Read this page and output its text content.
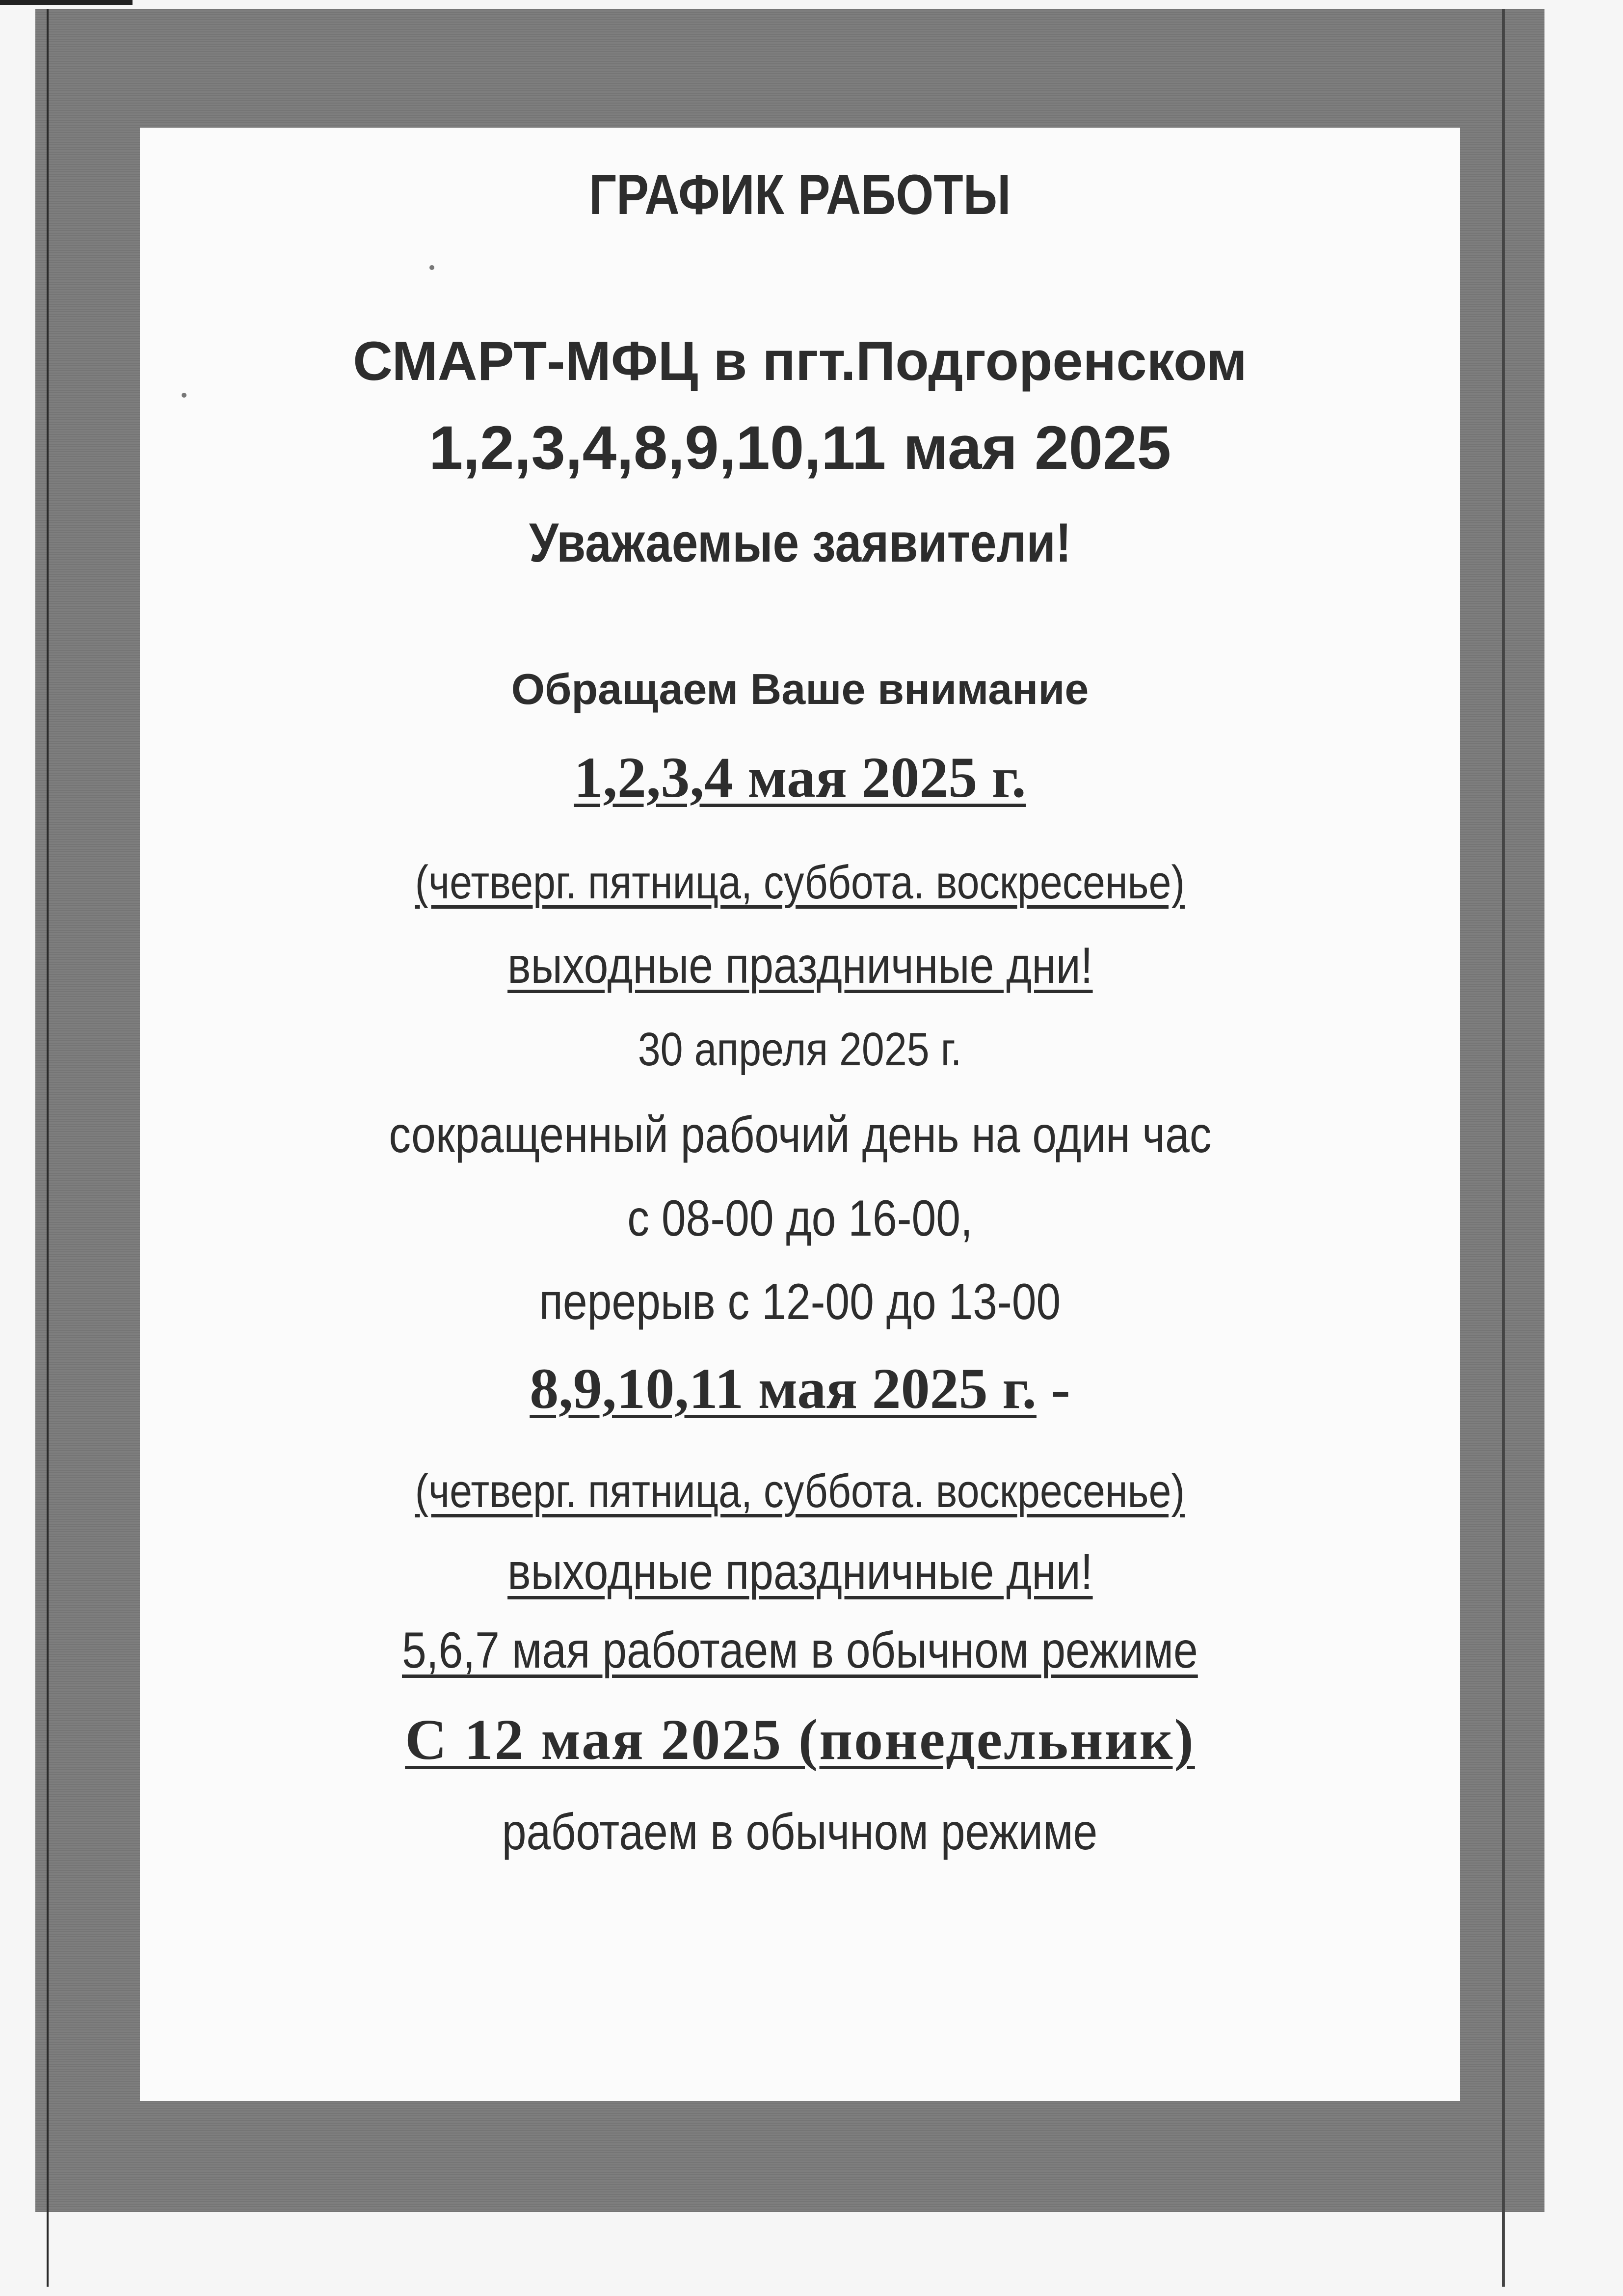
ГРАФИК РАБОТЫ
СМАРТ-МФЦ в пгт.Подгоренском
1,2,3,4,8,9,10,11 мая 2025
Уважаемые заявители!
Обращаем Ваше внимание
1,2,3,4 мая 2025 г.
(четверг. пятница, суббота. воскресенье)
выходные праздничные дни!
30 апреля 2025 г.
сокращенный рабочий день на один час
с 08-00 до 16-00,
перерыв с 12-00 до 13-00
8,9,10,11 мая 2025 г. -
(четверг. пятница, суббота. воскресенье)
выходные праздничные дни!
5,6,7 мая работаем в обычном режиме
С 12 мая 2025 (понедельник)
работаем в обычном режиме
